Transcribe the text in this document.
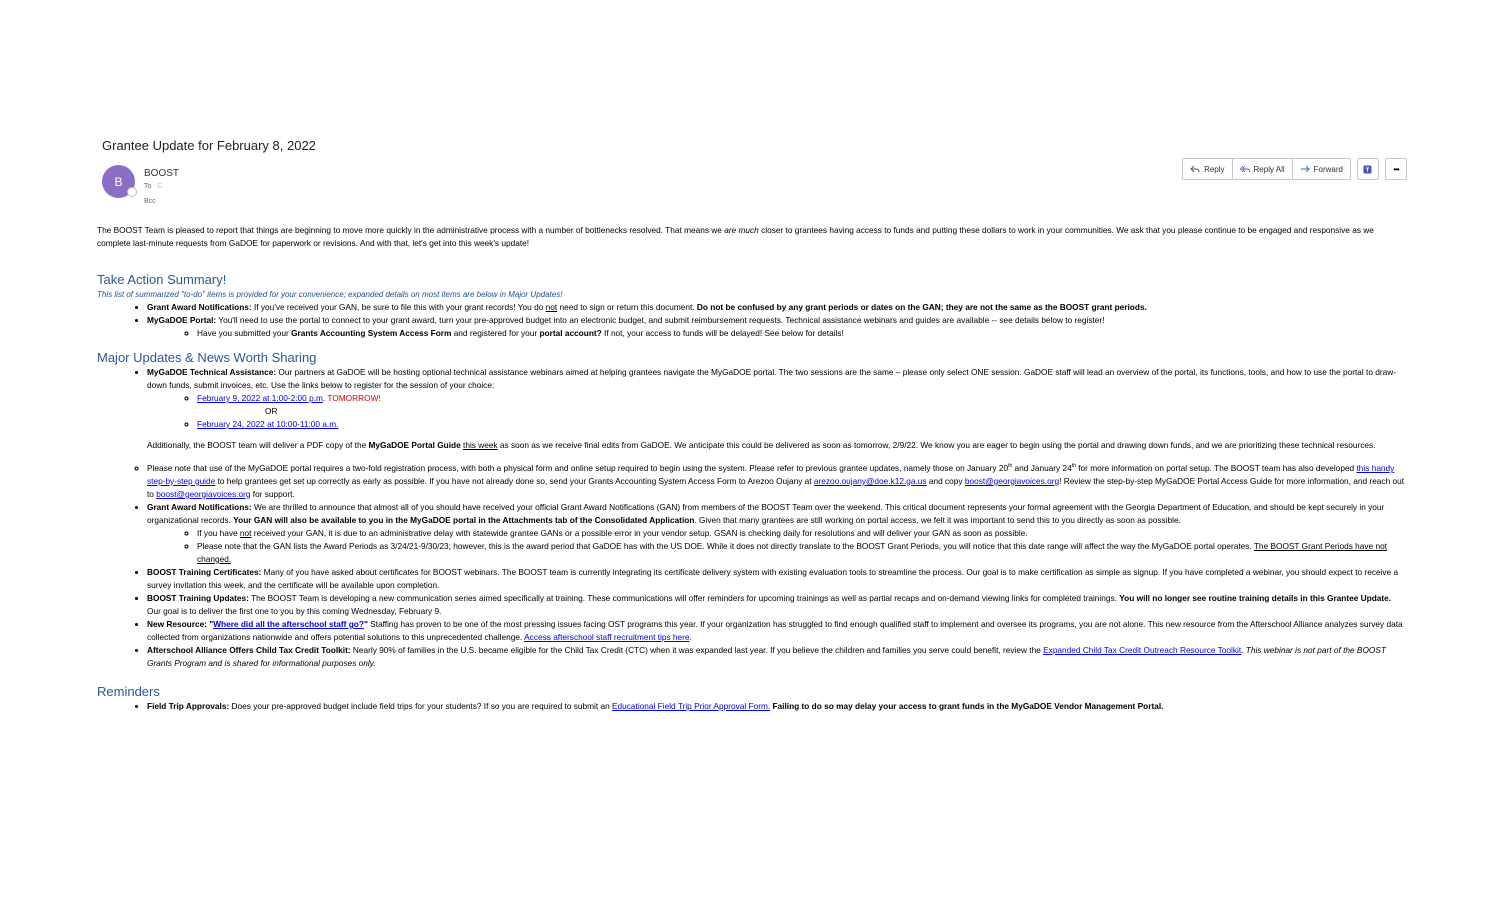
Grantee Update for February 8, 2022
B
BOOST
To C
Bcc
Reply	Reply All	Forward	•••

The BOOST Team is pleased to report that things are beginning to move more quickly in the administrative process with a number of bottlenecks resolved. That means we are much closer to grantees having access to funds and putting these dollars to work in your communities. We ask that you please continue to be engaged and responsive as we complete last-minute requests from GaDOE for paperwork or revisions. And with that, let's get into this week's update!

Take Action Summary!
This list of summarized "to-do" items is provided for your convenience; expanded details on most items are below in Major Updates!
• Grant Award Notifications: If you've received your GAN, be sure to file this with your grant records! You do not need to sign or return this document. Do not be confused by any grant periods or dates on the GAN; they are not the same as the BOOST grant periods.
• MyGaDOE Portal: You'll need to use the portal to connect to your grant award, turn your pre-approved budget into an electronic budget, and submit reimbursement requests. Technical assistance webinars and guides are available -- see details below to register!
◦ Have you submitted your Grants Accounting System Access Form and registered for your portal account? If not, your access to funds will be delayed! See below for details!
Major Updates & News Worth Sharing
• MyGaDOE Technical Assistance: Our partners at GaDOE will be hosting optional technical assistance webinars aimed at helping grantees navigate the MyGaDOE portal. The two sessions are the same – please only select ONE session. GaDOE staff will lead an overview of the portal, its functions, tools, and how to use the portal to draw-down funds, submit invoices, etc. Use the links below to register for the session of your choice:
◦ February 9, 2022 at 1:00-2:00 p.m. TOMORROW!
OR
◦ February 24, 2022 at 10:00-11:00 a.m.

Additionally, the BOOST team will deliver a PDF copy of the MyGaDOE Portal Guide this week as soon as we receive final edits from GaDOE. We anticipate this could be delivered as soon as tomorrow, 2/9/22. We know you are eager to begin using the portal and drawing down funds, and we are prioritizing these technical resources.

◦ Please note that use of the MyGaDOE portal requires a two-fold registration process, with both a physical form and online setup required to begin using the system. Please refer to previous grantee updates, namely those on January 20th and January 24th for more information on portal setup. The BOOST team has also developed this handy step-by-step guide to help grantees get set up correctly as early as possible. If you have not already done so, send your Grants Accounting System Access Form to Arezoo Oujany at arezoo.oujany@doe.k12.ga.us and copy boost@georgiavoices.org! Review the step-by-step MyGaDOE Portal Access Guide for more information, and reach out to boost@georgiavoices.org for support.
• Grant Award Notifications: We are thrilled to announce that almost all of you should have received your official Grant Award Notifications (GAN) from members of the BOOST Team over the weekend. This critical document represents your formal agreement with the Georgia Department of Education, and should be kept securely in your organizational records. Your GAN will also be available to you in the MyGaDOE portal in the Attachments tab of the Consolidated Application. Given that many grantees are still working on portal access, we felt it was important to send this to you directly as soon as possible.
◦ If you have not received your GAN, it is due to an administrative delay with statewide grantee GANs or a possible error in your vendor setup. GSAN is checking daily for resolutions and will deliver your GAN as soon as possible.
◦ Please note that the GAN lists the Award Periods as 3/24/21-9/30/23; however, this is the award period that GaDOE has with the US DOE. While it does not directly translate to the BOOST Grant Periods, you will notice that this date range will affect the way the MyGaDOE portal operates. The BOOST Grant Periods have not changed.
• BOOST Training Certificates: Many of you have asked about certificates for BOOST webinars. The BOOST team is currently integrating its certificate delivery system with existing evaluation tools to streamline the process. Our goal is to make certification as simple as signup. If you have completed a webinar, you should expect to receive a survey invitation this week, and the certificate will be available upon completion.
• BOOST Training Updates: The BOOST Team is developing a new communication series aimed specifically at training. These communications will offer reminders for upcoming trainings as well as partial recaps and on-demand viewing links for completed trainings. You will no longer see routine training details in this Grantee Update. Our goal is to deliver the first one to you by this coming Wednesday, February 9.
• New Resource: "Where did all the afterschool staff go?" Staffing has proven to be one of the most pressing issues facing OST programs this year. If your organization has struggled to find enough qualified staff to implement and oversee its programs, you are not alone. This new resource from the Afterschool Alliance analyzes survey data collected from organizations nationwide and offers potential solutions to this unprecedented challenge. Access afterschool staff recruitment tips here.
• Afterschool Alliance Offers Child Tax Credit Toolkit: Nearly 90% of families in the U.S. became eligible for the Child Tax Credit (CTC) when it was expanded last year. If you believe the children and families you serve could benefit, review the Expanded Child Tax Credit Outreach Resource Toolkit. This webinar is not part of the BOOST Grants Program and is shared for informational purposes only.
Reminders
• Field Trip Approvals: Does your pre-approved budget include field trips for your students? If so you are required to submit an Educational Field Trip Prior Approval Form. Failing to do so may delay your access to grant funds in the MyGaDOE Vendor Management Portal.
